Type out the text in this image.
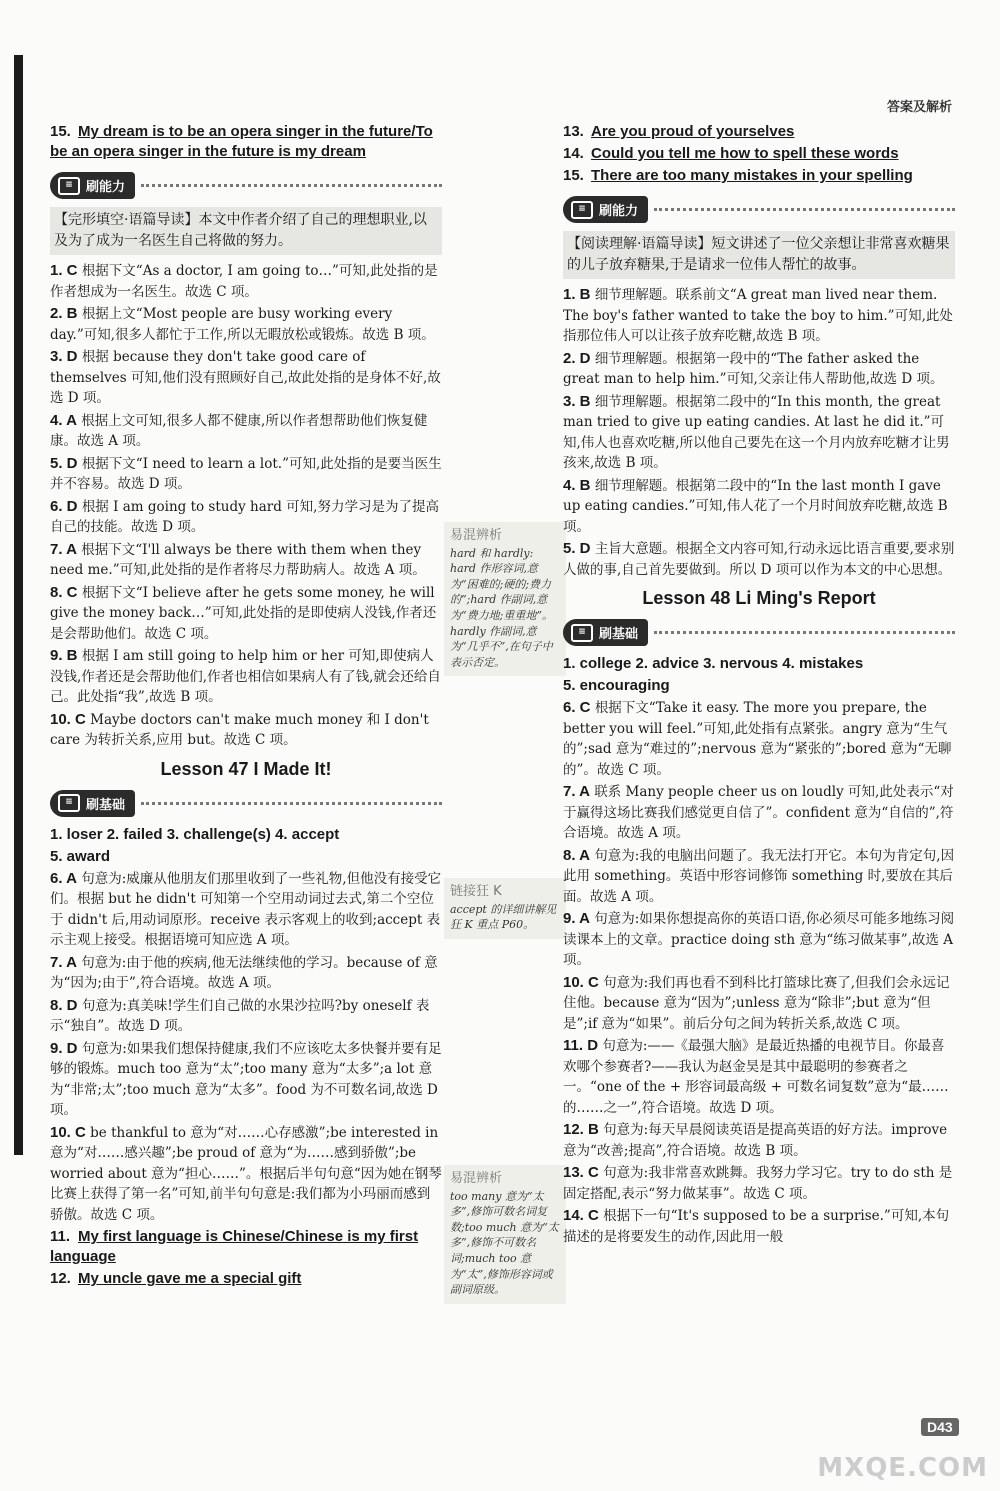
答案及解析
15. My dream is to be an opera singer in the future/To be an opera singer in the future is my dream
≡	刷能力
【完形填空·语篇导读】本文中作者介绍了自己的理想职业,以及为了成为一名医生自己将做的努力。
1. C 根据下文“As a doctor, I am going to…”可知,此处指的是作者想成为一名医生。故选 C 项。
2. B 根据上文“Most people are busy working every day.”可知,很多人都忙于工作,所以无暇放松或锻炼。故选 B 项。
3. D 根据 because they don't take good care of themselves 可知,他们没有照顾好自己,故此处指的是身体不好,故选 D 项。
4. A 根据上文可知,很多人都不健康,所以作者想帮助他们恢复健康。故选 A 项。
5. D 根据下文“I need to learn a lot.”可知,此处指的是要当医生并不容易。故选 D 项。
6. D 根据 I am going to study hard 可知,努力学习是为了提高自己的技能。故选 D 项。
7. A 根据下文“I'll always be there with them when they need me.”可知,此处指的是作者将尽力帮助病人。故选 A 项。
8. C 根据下文“I believe after he gets some money, he will give the money back…”可知,此处指的是即使病人没钱,作者还是会帮助他们。故选 C 项。
9. B 根据 I am still going to help him or her 可知,即使病人没钱,作者还是会帮助他们,作者也相信如果病人有了钱,就会还给自己。此处指“我”,故选 B 项。
10. C Maybe doctors can't make much money 和 I don't care 为转折关系,应用 but。故选 C 项。
Lesson 47 I Made It!
≡	刷基础
1. loser 2. failed 3. challenge(s) 4. accept
5. award
6. A 句意为:威廉从他朋友们那里收到了一些礼物,但他没有接受它们。根据 but he didn't 可知第一个空用动词过去式,第二个空位于 didn't 后,用动词原形。receive 表示客观上的收到;accept 表示主观上接受。根据语境可知应选 A 项。
7. A 句意为:由于他的疾病,他无法继续他的学习。because of 意为“因为;由于”,符合语境。故选 A 项。
8. D 句意为:真美味!学生们自己做的水果沙拉吗?by oneself 表示“独自”。故选 D 项。
9. D 句意为:如果我们想保持健康,我们不应该吃太多快餐并要有足够的锻炼。much too 意为“太”;too many 意为“太多”;a lot 意为“非常;太”;too much 意为“太多”。food 为不可数名词,故选 D 项。
10. C be thankful to 意为“对……心存感激”;be interested in 意为“对……感兴趣”;be proud of 意为“为……感到骄傲”;be worried about 意为“担心……”。根据后半句句意“因为她在钢琴比赛上获得了第一名”可知,前半句句意是:我们都为小玛丽而感到骄傲。故选 C 项。
11. My first language is Chinese/Chinese is my first language
12. My uncle gave me a special gift
易混辨析
hard 和 hardly: hard 作形容词,意为“困难的;硬的;费力的”;hard 作副词,意为“费力地;重重地”。hardly 作副词,意为“几乎不”,在句子中表示否定。
链接狂 K
accept 的详细讲解见狂 K 重点 P60。
易混辨析
too many 意为“太多”,修饰可数名词复数;too much 意为“太多”,修饰不可数名词;much too 意为“太”,修饰形容词或副词原级。
13. Are you proud of yourselves
14. Could you tell me how to spell these words
15. There are too many mistakes in your spelling
≡	刷能力
【阅读理解·语篇导读】短文讲述了一位父亲想让非常喜欢糖果的儿子放弃糖果,于是请求一位伟人帮忙的故事。
1. B 细节理解题。联系前文“A great man lived near them. The boy's father wanted to take the boy to him.”可知,此处指那位伟人可以让孩子放弃吃糖,故选 B 项。
2. D 细节理解题。根据第一段中的“The father asked the great man to help him.”可知,父亲让伟人帮助他,故选 D 项。
3. B 细节理解题。根据第二段中的“In this month, the great man tried to give up eating candies. At last he did it.”可知,伟人也喜欢吃糖,所以他自己要先在这一个月内放弃吃糖才让男孩来,故选 B 项。
4. B 细节理解题。根据第二段中的“In the last month I gave up eating candies.”可知,伟人花了一个月时间放弃吃糖,故选 B 项。
5. D 主旨大意题。根据全文内容可知,行动永远比语言重要,要求别人做的事,自己首先要做到。所以 D 项可以作为本文的中心思想。
Lesson 48 Li Ming's Report
≡	刷基础
1. college 2. advice 3. nervous 4. mistakes
5. encouraging
6. C 根据下文“Take it easy. The more you prepare, the better you will feel.”可知,此处指有点紧张。angry 意为“生气的”;sad 意为“难过的”;nervous 意为“紧张的”;bored 意为“无聊的”。故选 C 项。
7. A 联系 Many people cheer us on loudly 可知,此处表示“对于赢得这场比赛我们感觉更自信了”。confident 意为“自信的”,符合语境。故选 A 项。
8. A 句意为:我的电脑出问题了。我无法打开它。本句为肯定句,因此用 something。英语中形容词修饰 something 时,要放在其后面。故选 A 项。
9. A 句意为:如果你想提高你的英语口语,你必须尽可能多地练习阅读课本上的文章。practice doing sth 意为“练习做某事”,故选 A 项。
10. C 句意为:我们再也看不到科比打篮球比赛了,但我们会永远记住他。because 意为“因为”;unless 意为“除非”;but 意为“但是”;if 意为“如果”。前后分句之间为转折关系,故选 C 项。
11. D 句意为:——《最强大脑》是最近热播的电视节目。你最喜欢哪个参赛者?——我认为赵金昊是其中最聪明的参赛者之一。“one of the + 形容词最高级 + 可数名词复数”意为“最……的……之一”,符合语境。故选 D 项。
12. B 句意为:每天早晨阅读英语是提高英语的好方法。improve 意为“改善;提高”,符合语境。故选 B 项。
13. C 句意为:我非常喜欢跳舞。我努力学习它。try to do sth 是固定搭配,表示“努力做某事”。故选 C 项。
14. C 根据下一句“It's supposed to be a surprise.”可知,本句描述的是将要发生的动作,因此用一般
D43
MXQE.COM
